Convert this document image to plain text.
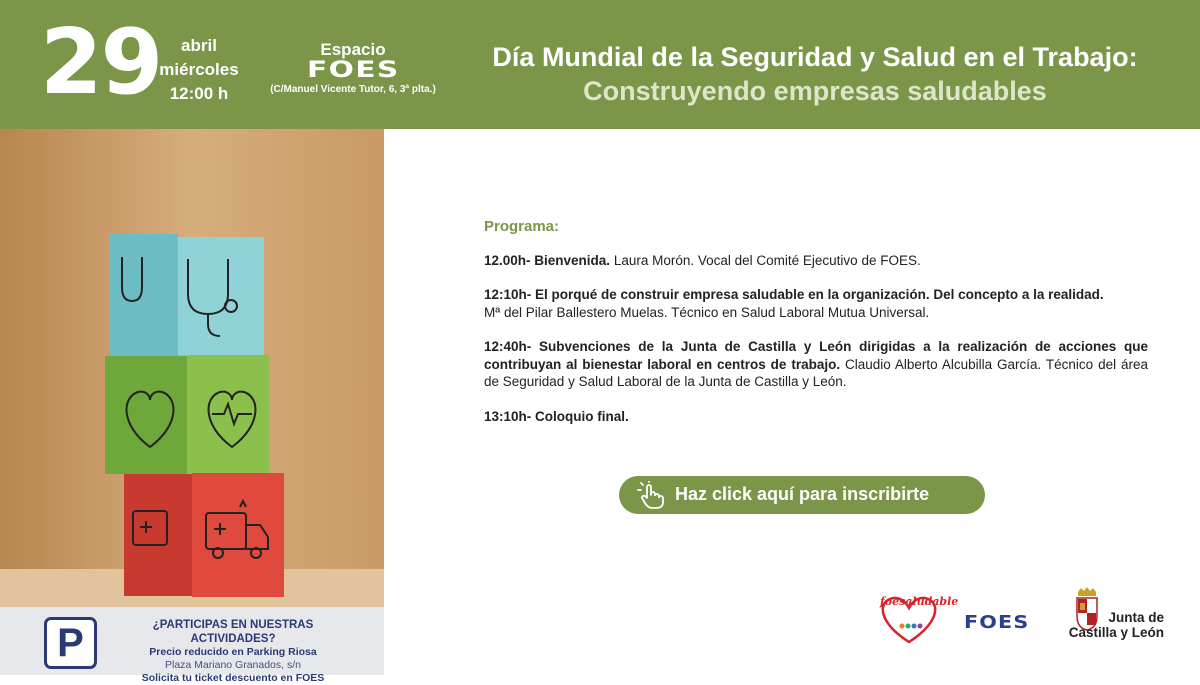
29	abril
miércoles
12:00 h
Espacio
FOES
(C/Manuel Vicente Tutor, 6, 3ª plta.)
Día Mundial de la Seguridad y Salud en el Trabajo:
Construyendo empresas saludables
P	¿PARTICIPAS EN NUESTRAS ACTIVIDADES?
Precio reducido en Parking Riosa
Plaza Mariano Granados, s/n
Solicita tu ticket descuento en FOES
Programa:

12.00h- Bienvenida. Laura Morón. Vocal del Comité Ejecutivo de FOES.

12:10h- El porqué de construir empresa saludable en la organización. Del concepto a la realidad.
Mª del Pilar Ballestero Muelas. Técnico en Salud Laboral Mutua Universal.

12:40h- Subvenciones de la Junta de Castilla y León dirigidas a la realización de acciones que contribuyan al bienestar laboral en centros de trabajo. Claudio Alberto Alcubilla García. Técnico del área de Seguridad y Salud Laboral de la Junta de Castilla y León.

13:10h- Coloquio final.

Haz click aquí para inscribirte
foesaludable
FOES	Junta de
Castilla y León
